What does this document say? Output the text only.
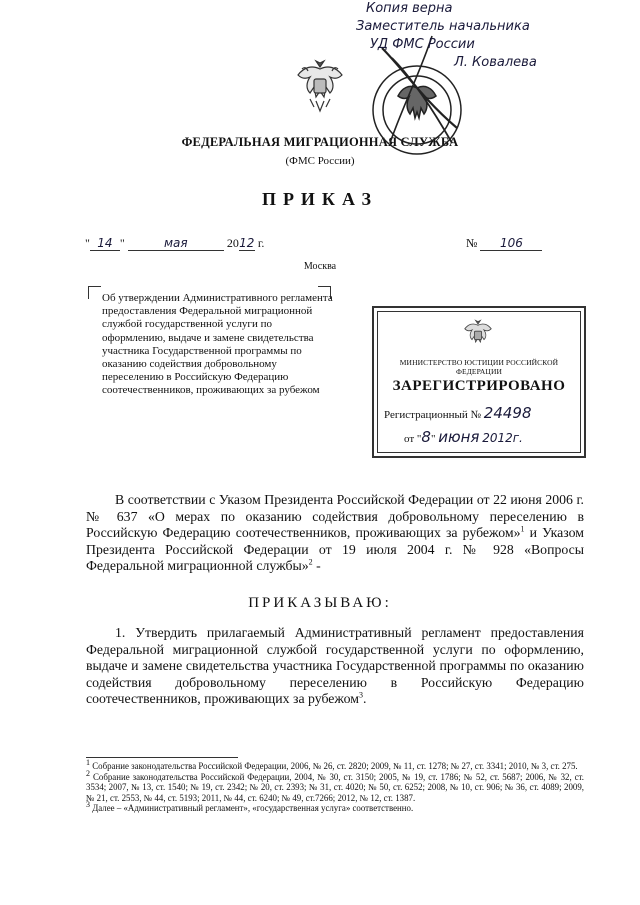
ФЕДЕРАЛЬНАЯ МИГРАЦИОННАЯ СЛУЖБА
(ФМС России)
ПРИКАЗ
" 14 "	мая	2012 г.	№ 106
Москва
Об утверждении Административного регламента предоставления Федеральной миграционной службой государственной услуги по оформлению, выдаче и замене свидетельства участника Государственной программы по оказанию содействия добровольному переселению в Российскую Федерацию соотечественников, проживающих за рубежом
МИНИСТЕРСТВО ЮСТИЦИИ РОССИЙСКОЙ ФЕДЕРАЦИИ
ЗАРЕГИСТРИРОВАНО
Регистрационный № 24498
от "8" июня 2012г.
Копия верна
Заместитель начальника
УД ФМС России
Л. Ковалева
В соответствии с Указом Президента Российской Федерации от 22 июня 2006 г. № 637 «О мерах по оказанию содействия добровольному переселению в Российскую Федерацию соотечественников, проживающих за рубежом»$^1$ и Указом Президента Российской Федерации от 19 июля 2004 г. № 928 «Вопросы Федеральной миграционной службы»$^2$ -
ПРИКАЗЫВАЮ:
1. Утвердить прилагаемый Административный регламент предоставления Федеральной миграционной службой государственной услуги по оформлению, выдаче и замене свидетельства участника Государственной программы по оказанию содействия добровольному переселению в Российскую Федерацию соотечественников, проживающих за рубежом$^3$.
$^1$ Собрание законодательства Российской Федерации, 2006, № 26, ст. 2820; 2009, № 11, ст. 1278; № 27, ст. 3341; 2010, № 3, ст. 275.
$^2$ Собрание законодательства Российской Федерации, 2004, № 30, ст. 3150; 2005, № 19, ст. 1786; № 52, ст. 5687; 2006, № 32, ст. 3534; 2007, № 13, ст. 1540; № 19, ст. 2342; № 20, ст. 2393; № 31, ст. 4020; № 50, ст. 6252; 2008, № 10, ст. 906; № 36, ст. 4089; 2009, № 21, ст. 2553, № 44, ст. 5193; 2011, № 44, ст. 6240; № 49, ст.7266; 2012, № 12, ст. 1387.
$^3$ Далее – «Административный регламент», «государственная услуга» соответственно.
